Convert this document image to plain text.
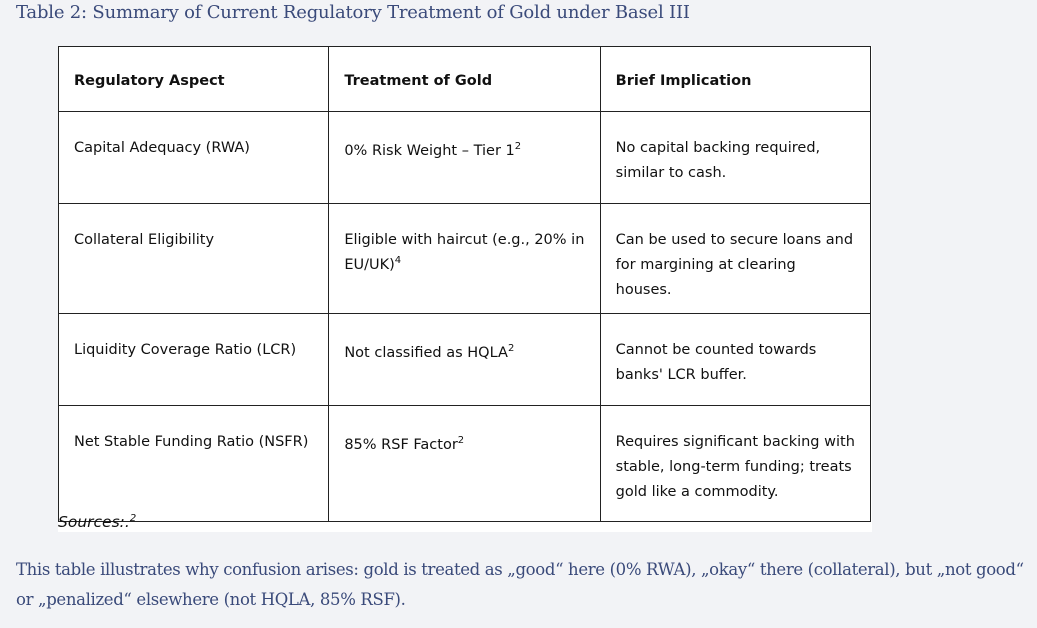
Table 2: Summary of Current Regulatory Treatment of Gold under Basel III
Regulatory Aspect	Treatment of Gold	Brief Implication
Capital Adequacy (RWA)	0% Risk Weight – Tier $1^2$	No capital backing required, similar to cash.
Collateral Eligibility	Eligible with haircut (e.g., 20% in EU/UK)$^4$	Can be used to secure loans and for margining at clearing houses.
Liquidity Coverage Ratio (LCR)	Not classified as HQLA$^2$	Cannot be counted towards banks' LCR buffer.
Net Stable Funding Ratio (NSFR)	85% RSF Factor$^2$	Requires significant backing with stable, long-term funding; treats gold like a commodity.
Sources:.$^2$
This table illustrates why confusion arises: gold is treated as „good“ here (0% RWA), „okay“ there (collateral), but „not good“ or „penalized“ elsewhere (not HQLA, 85% RSF).
